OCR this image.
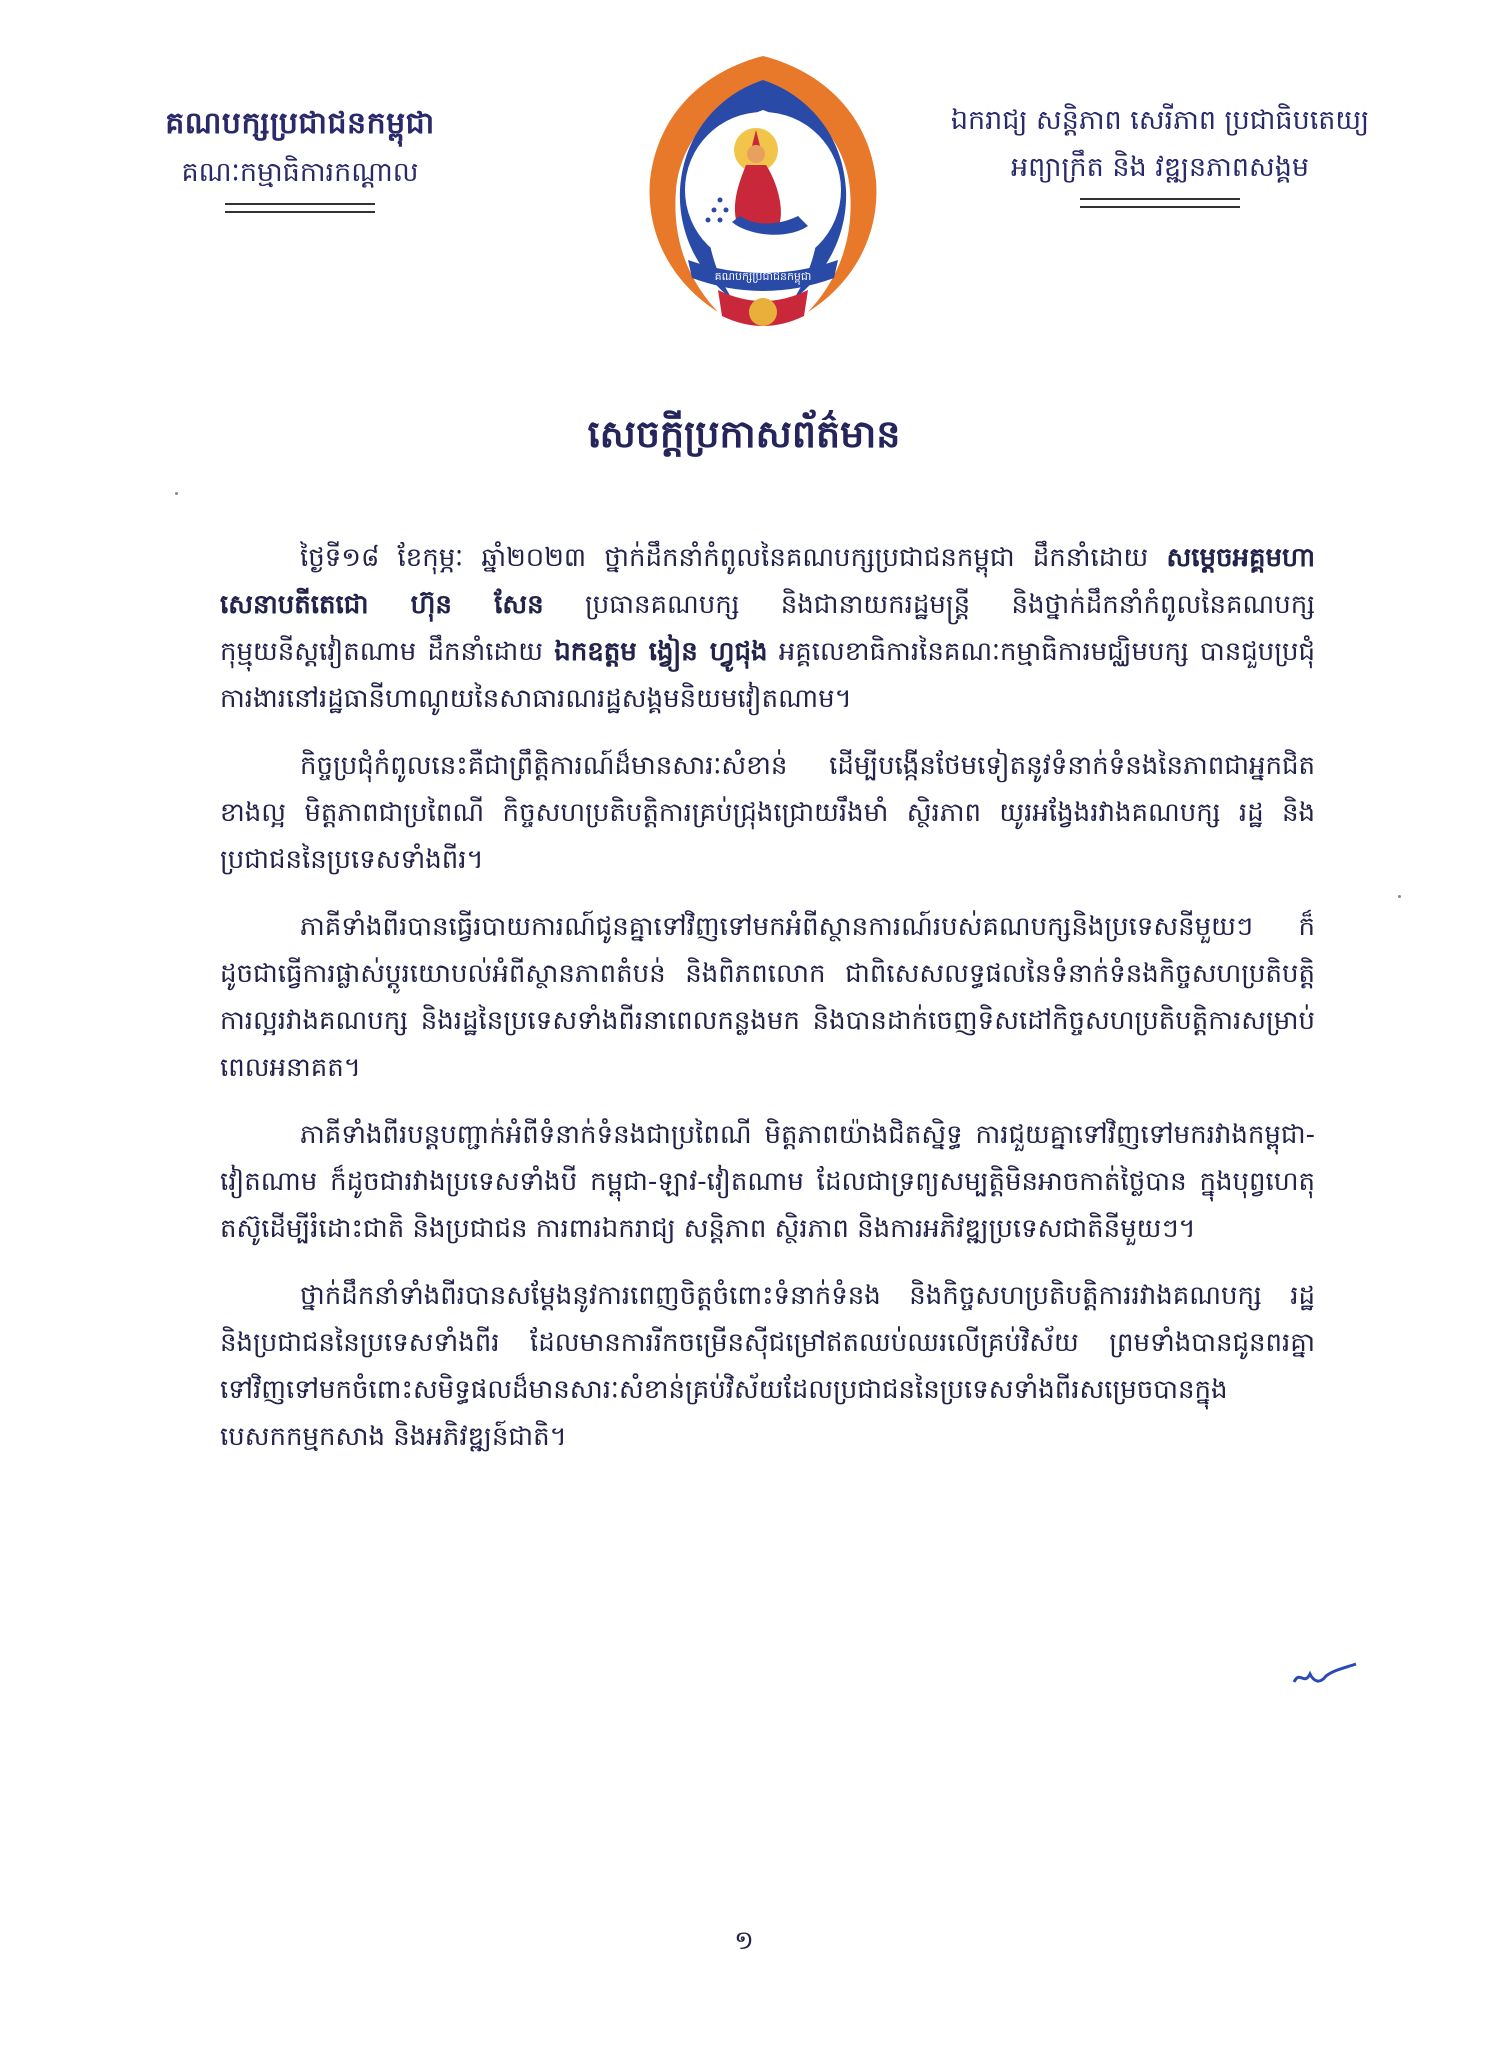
គណបក្សប្រជាជនកម្ពុជា
គណៈកម្មាធិការកណ្តាល
គណបក្សប្រជាជនកម្ពុជា
ឯករាជ្យ សន្តិភាព សេរីភាព ប្រជាធិបតេយ្យ
អព្យាក្រឹត និង វឌ្ឍនភាពសង្គម
សេចក្តីប្រកាសព័ត៌មាន

ថ្ងៃទី១៨ ខែកុម្ភៈ ឆ្នាំ២០២៣ ថ្នាក់ដឹកនាំកំពូលនៃគណបក្សប្រជាជនកម្ពុជា ដឹកនាំដោយ សម្តេចអគ្គមហាសេនាបតីតេជោ ហ៊ុន សែន ប្រធានគណបក្ស និងជានាយករដ្ឋមន្ត្រី និងថ្នាក់ដឹកនាំកំពូលនៃគណបក្សកុម្មុយនីស្តវៀតណាម ដឹកនាំដោយ ឯកឧត្តម ង្វៀន ហ្វូជុង អគ្គលេខាធិការនៃគណៈកម្មាធិការមជ្ឈិមបក្ស បានជួបប្រជុំការងារនៅរដ្ឋធានីហាណូយនៃសាធារណរដ្ឋសង្គមនិយមវៀតណាម។

កិច្ចប្រជុំកំពូលនេះគឺជាព្រឹត្តិការណ៍ដ៏មានសារៈសំខាន់ ដើម្បីបង្កើនថែមទៀតនូវទំនាក់ទំនងនៃភាពជាអ្នកជិតខាងល្អ មិត្តភាពជាប្រពៃណី កិច្ចសហប្រតិបត្តិការគ្រប់ជ្រុងជ្រោយរឹងមាំ ស្ថិរភាព យូរអង្វែងរវាងគណបក្ស រដ្ឋ និងប្រជាជននៃប្រទេសទាំងពីរ។

ភាគីទាំងពីរបានធ្វើរបាយការណ៍ជូនគ្នាទៅវិញទៅមកអំពីស្ថានការណ៍របស់គណបក្សនិងប្រទេសនីមួយៗ ក៏ដូចជាធ្វើការផ្លាស់ប្តូរយោបល់អំពីស្ថានភាពតំបន់ និងពិភពលោក ជាពិសេសលទ្ធផលនៃទំនាក់ទំនងកិច្ចសហប្រតិបត្តិការល្អរវាងគណបក្ស និងរដ្ឋនៃប្រទេសទាំងពីរនាពេលកន្លងមក និងបានដាក់ចេញទិសដៅកិច្ចសហប្រតិបត្តិការសម្រាប់ពេលអនាគត។

ភាគីទាំងពីរបន្តបញ្ជាក់អំពីទំនាក់ទំនងជាប្រពៃណី មិត្តភាពយ៉ាងជិតស្និទ្ធ ការជួយគ្នាទៅវិញទៅមករវាងកម្ពុជា-វៀតណាម ក៏ដូចជារវាងប្រទេសទាំងបី កម្ពុជា-ឡាវ-វៀតណាម ដែលជាទ្រព្យសម្បត្តិមិនអាចកាត់ថ្លៃបាន ក្នុងបុព្វហេតុតស៊ូដើម្បីរំដោះជាតិ និងប្រជាជន ការពារឯករាជ្យ សន្តិភាព ស្ថិរភាព និងការអភិវឌ្ឍប្រទេសជាតិនីមួយៗ។

ថ្នាក់ដឹកនាំទាំងពីរបានសម្តែងនូវការពេញចិត្តចំពោះទំនាក់ទំនង និងកិច្ចសហប្រតិបត្តិការរវាងគណបក្ស រដ្ឋ និងប្រជាជននៃប្រទេសទាំងពីរ ដែលមានការរីកចម្រើនស៊ីជម្រៅឥតឈប់ឈរលើគ្រប់វិស័យ ព្រមទាំងបានជូនពរគ្នាទៅវិញទៅមកចំពោះសមិទ្ធផលដ៏មានសារៈសំខាន់គ្រប់វិស័យដែលប្រជាជននៃប្រទេសទាំងពីរសម្រេចបានក្នុងបេសកកម្មកសាង និងអភិវឌ្ឍន៍ជាតិ។

១
